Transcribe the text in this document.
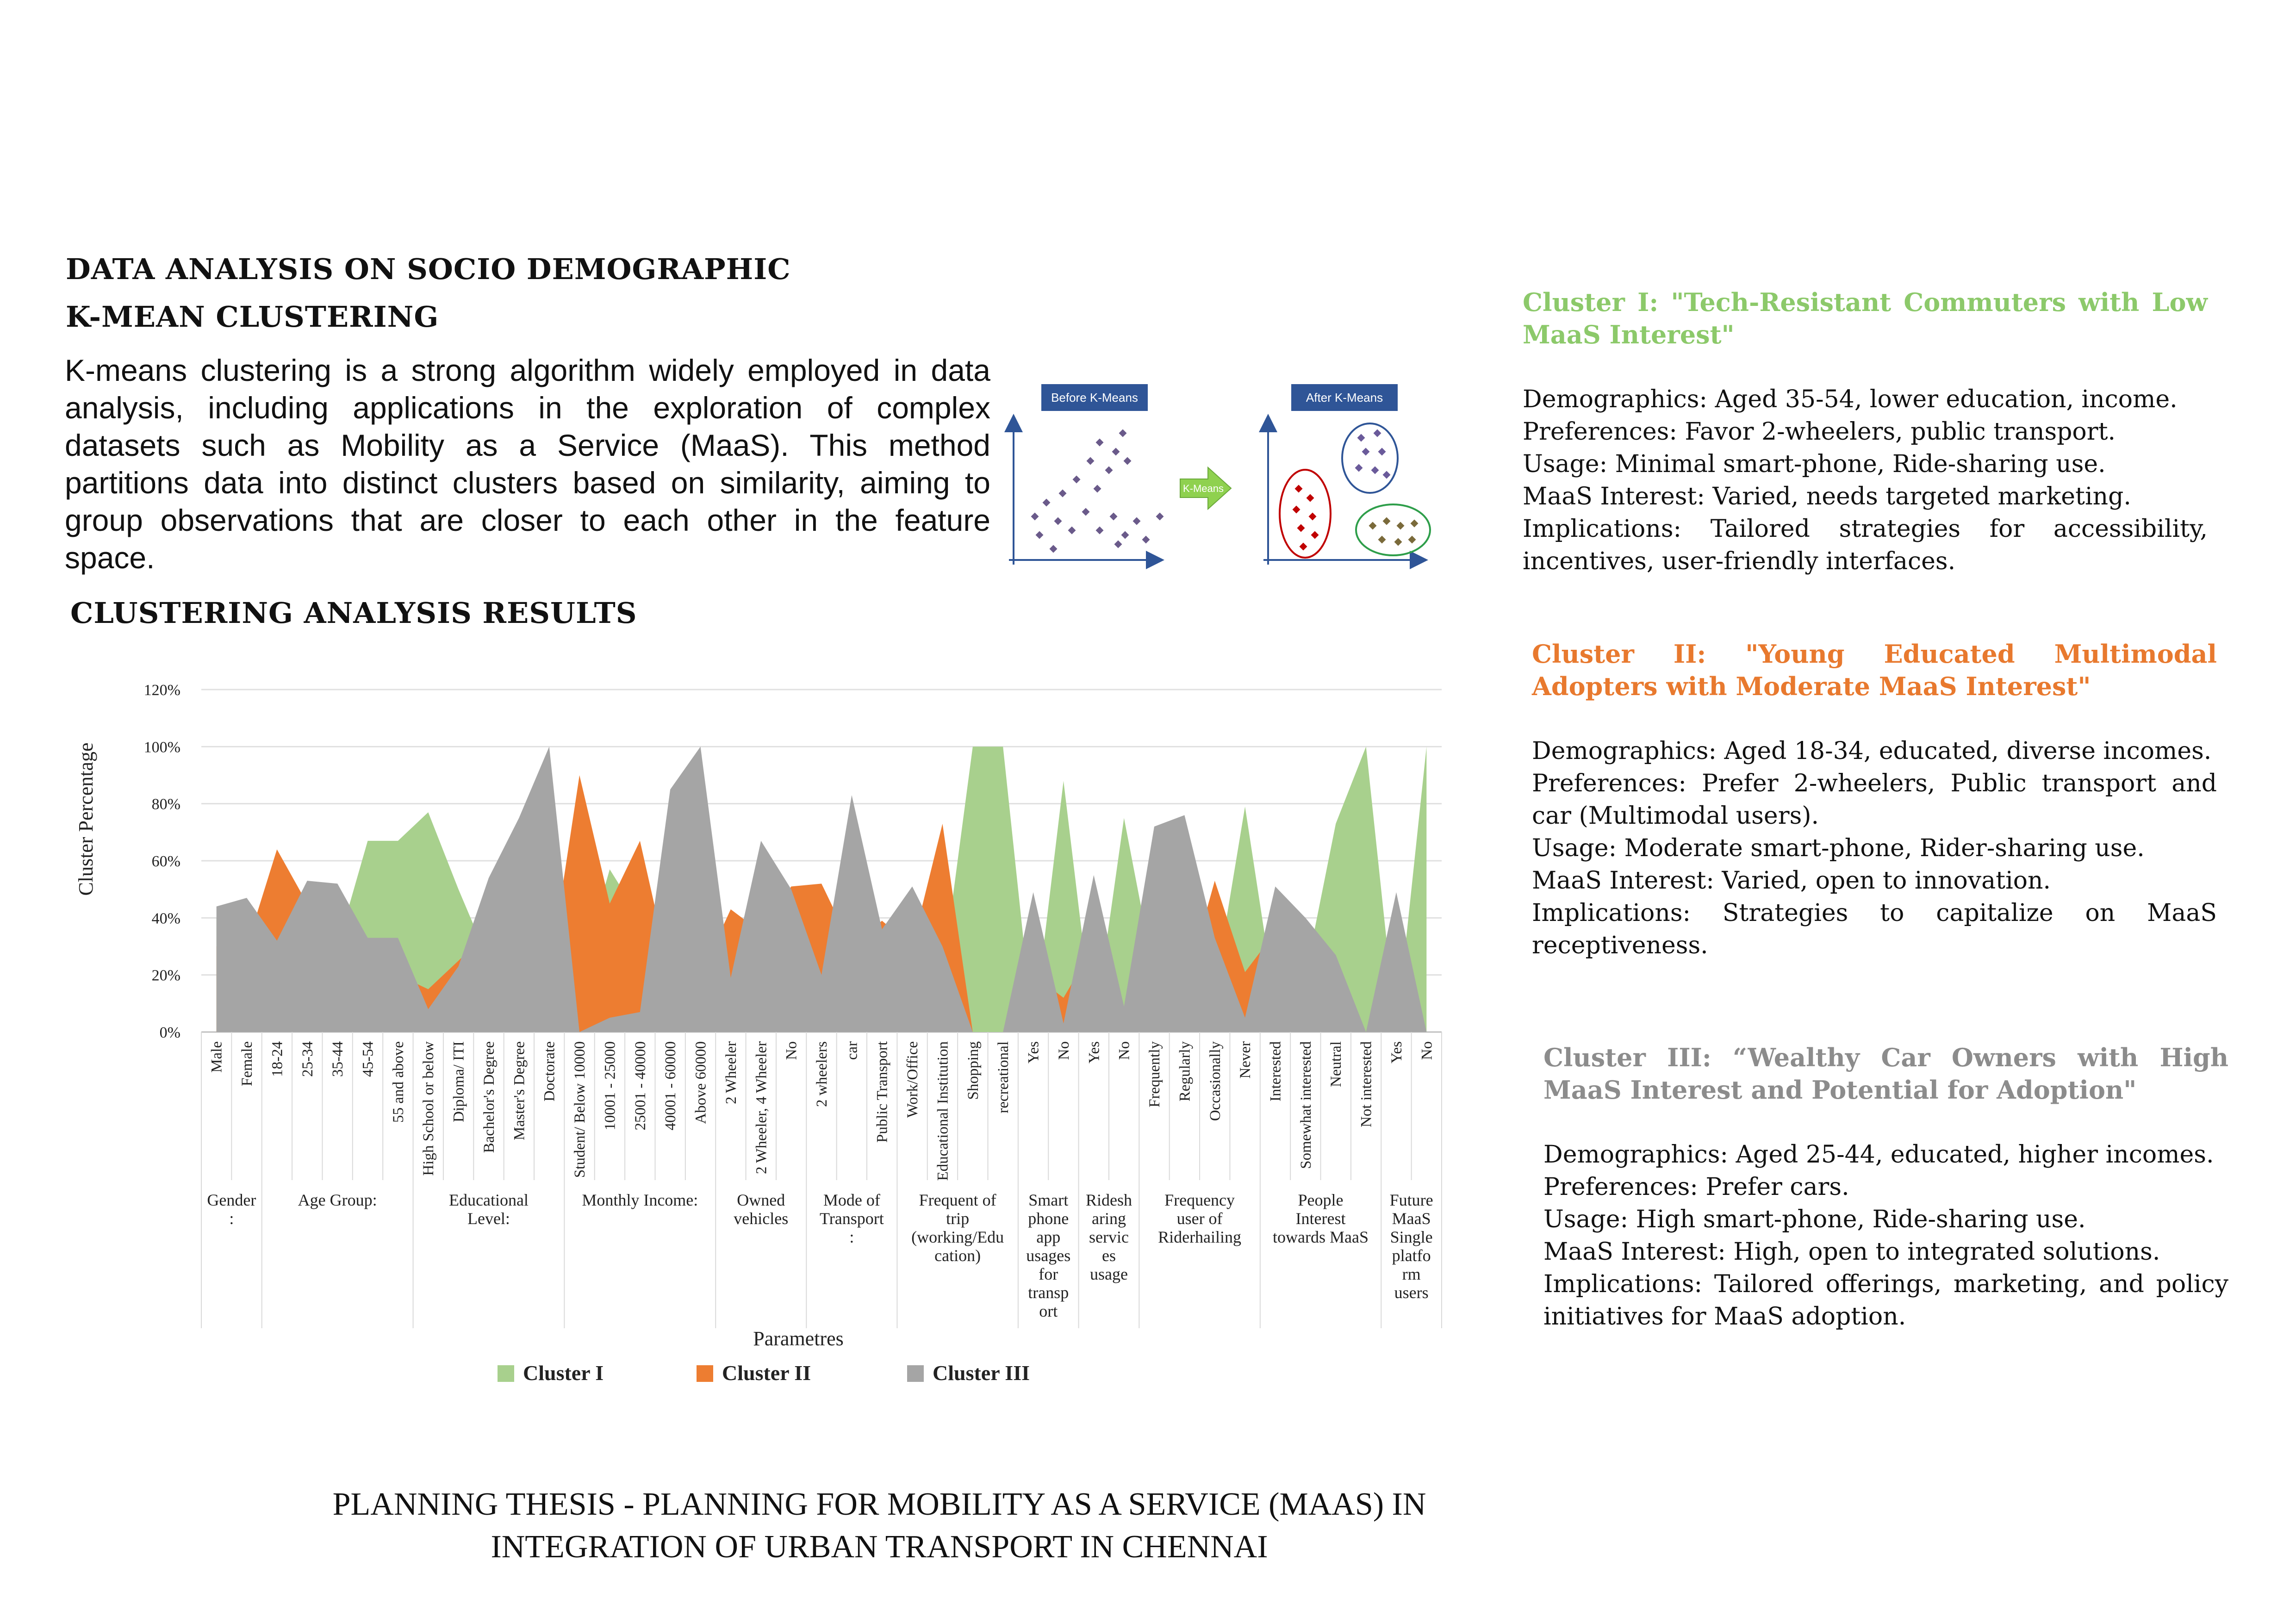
DATA ANALYSIS ON SOCIO DEMOGRAPHIC
K-MEAN CLUSTERING
K-means clustering is a strong algorithm widely employed in data analysis, including applications in the exploration of complex datasets such as Mobility as a Service (MaaS). This method partitions data into distinct clusters based on similarity, aiming to group observations that are closer to each other in the feature space.
CLUSTERING ANALYSIS RESULTS
Before K-Means
K-Means
After K-Means
0%
20%
40%
60%
80%
100%
120%
Male Female 18-24 25-34 35-44 45-54 55 and above High School or below Diploma/ ITI Bachelor's Degree Master's Degree Doctorate Student/ Below 10000 10001 - 25000 25001 - 40000 40001 - 60000 Above 60000 2 Wheeler 2 Wheeler, 4 Wheeler No 2 wheelers car Public Transport Work/Office Educational Institution Shopping recreational Yes No Yes No Frequently Regularly Occasionally Never Interested Somewhat interested Neutral Not interested Yes No
Gender :
Age Group:	Educational Level:
Monthly Income: Owned vehicles
Mode of Transport :
Frequent of trip (working/Edu cation)
Smart phone app usages for transp ort
Ridesh aring servic es usage
Frequency user of Riderhailing
People Interest towards MaaS
Future MaaS Single platfo rm users
Cluster Percentage
Parametres
Cluster I	Cluster II	Cluster III
Cluster I: "Tech-Resistant Commuters with Low MaaS Interest"
Demographics: Aged 35-54, lower education, income.
Preferences: Favor 2-wheelers, public transport.
Usage: Minimal smart-phone, Ride-sharing use.
MaaS Interest: Varied, needs targeted marketing.
Implications: Tailored strategies for accessibility, incentives, user-friendly interfaces.
Cluster II: "Young Educated Multimodal Adopters with Moderate MaaS Interest"
Demographics: Aged 18-34, educated, diverse incomes.
Preferences: Prefer 2-wheelers, Public transport and car (Multimodal users).
Usage: Moderate smart-phone, Rider-sharing use.
MaaS Interest: Varied, open to innovation.
Implications: Strategies to capitalize on MaaS receptiveness.
Cluster III: “Wealthy Car Owners with High MaaS Interest and Potential for Adoption"
Demographics: Aged 25-44, educated, higher incomes.
Preferences: Prefer cars.
Usage: High smart-phone, Ride-sharing use.
MaaS Interest: High, open to integrated solutions.
Implications: Tailored offerings, marketing, and policy initiatives for MaaS adoption.
PLANNING THESIS - PLANNING FOR MOBILITY AS A SERVICE (MAAS) IN
INTEGRATION OF URBAN TRANSPORT IN CHENNAI
